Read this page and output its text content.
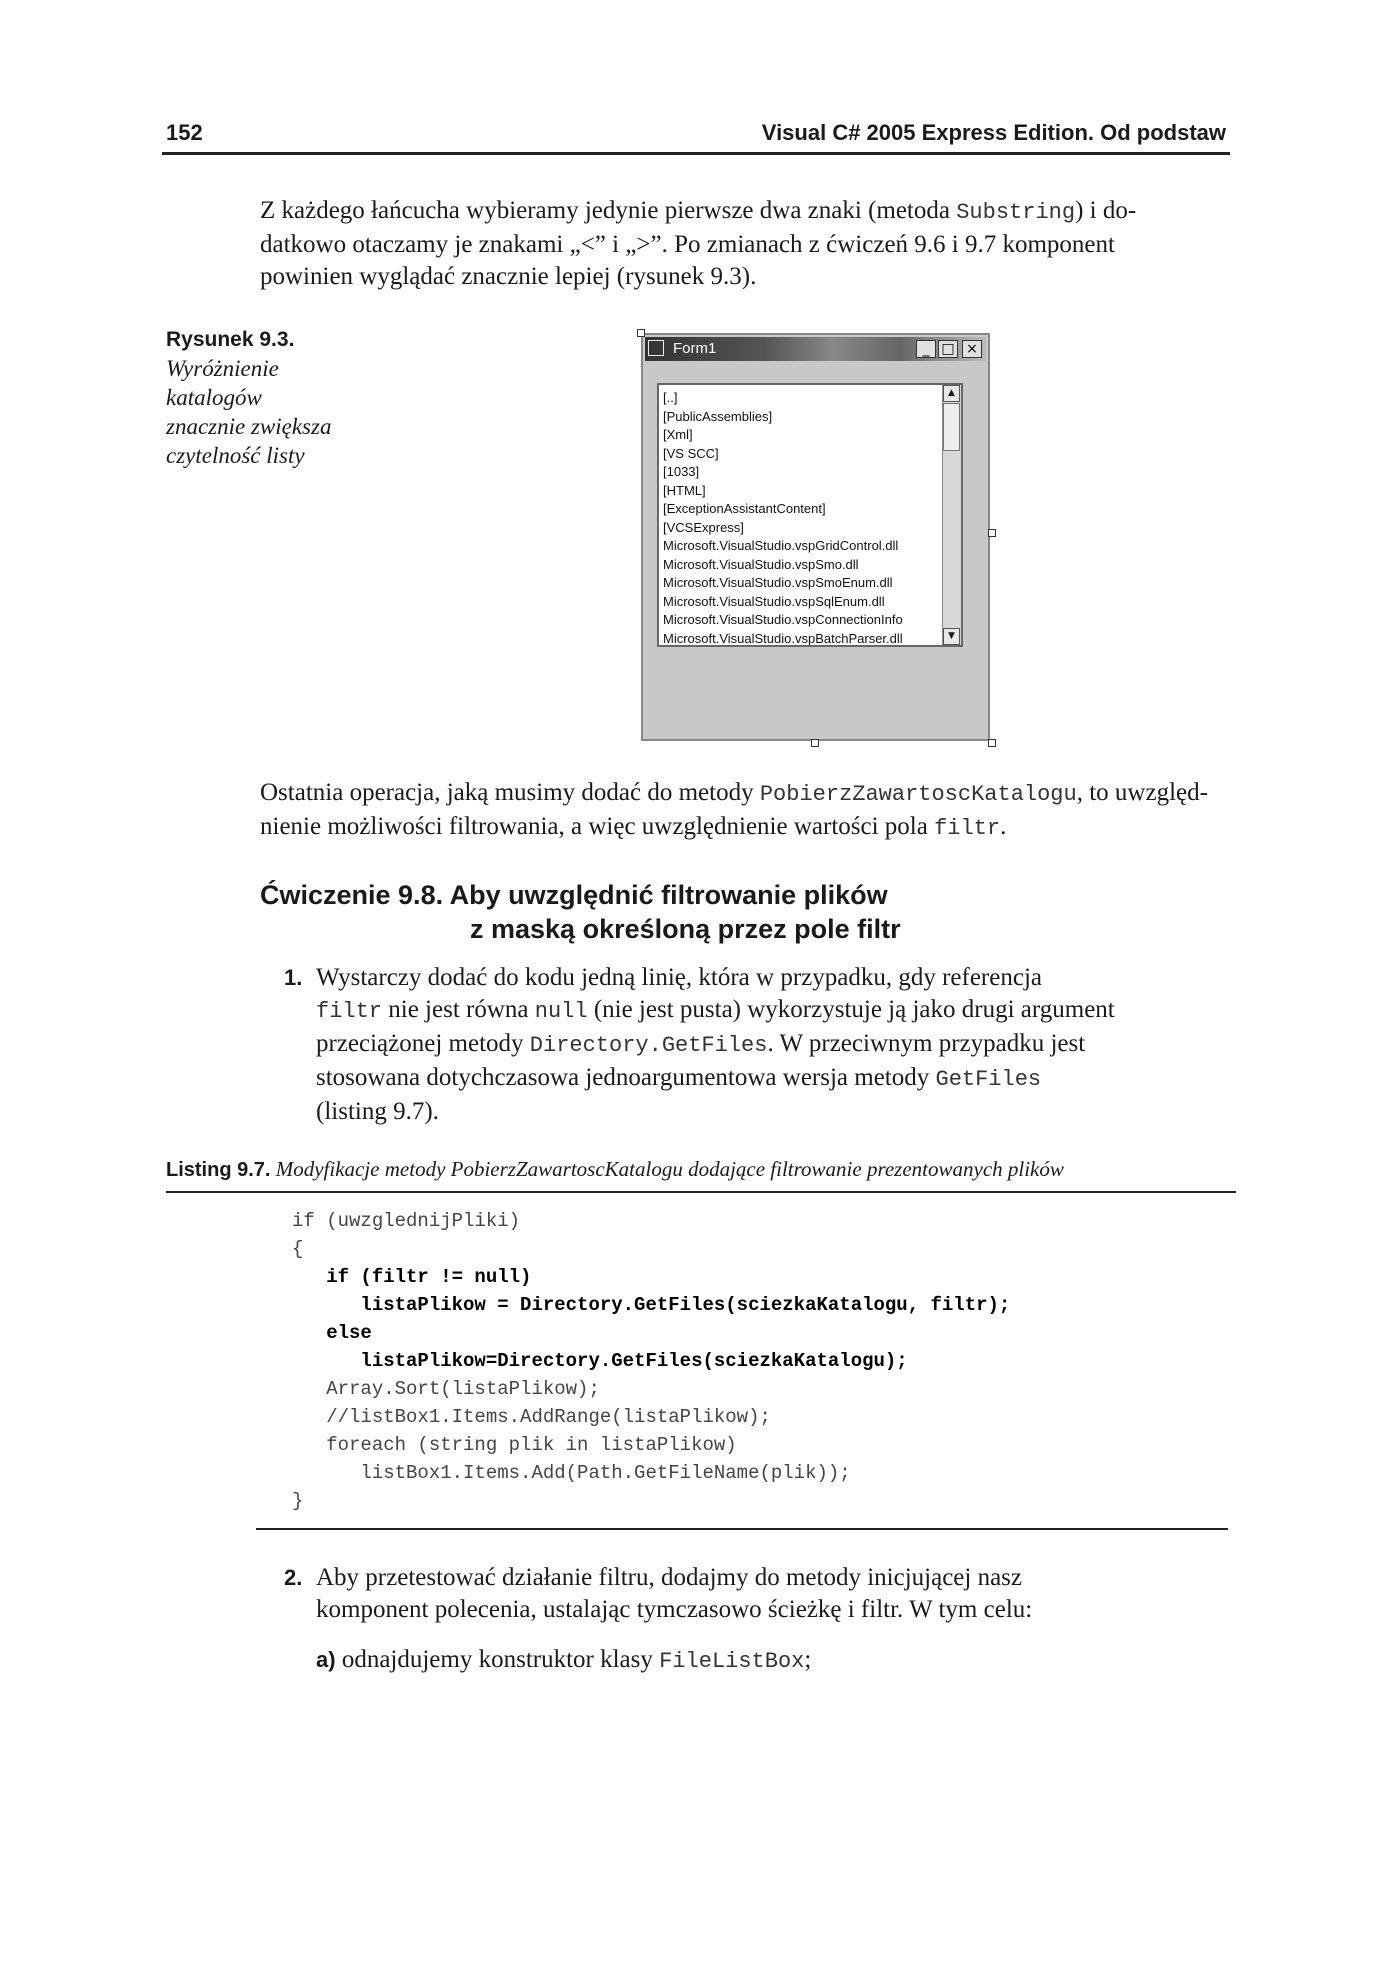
152	Visual C# 2005 Express Edition. Od podstaw

Z każdego łańcucha wybieramy jedynie pierwsze dwa znaki (metoda Substring) i do-

datkowo otaczamy je znakami „<” i „>”. Po zmianach z ćwiczeń 9.6 i 9.7 komponent

powinien wyglądać znacznie lepiej (rysunek 9.3).

Rysunek 9.3.
Wyróżnienie
katalogów
znacznie zwiększa
czytelność listy
Form1	_ □ ×
[..]
[PublicAssemblies]
[Xml]
[VS SCC]
[1033]
[HTML]
[ExceptionAssistantContent]
[VCSExpress]
Microsoft.VisualStudio.vspGridControl.dll
Microsoft.VisualStudio.vspSmo.dll
Microsoft.VisualStudio.vspSmoEnum.dll
Microsoft.VisualStudio.vspSqlEnum.dll
Microsoft.VisualStudio.vspConnectionInfo
Microsoft.VisualStudio.vspBatchParser.dll
▲
▼

Ostatnia operacja, jaką musimy dodać do metody PobierzZawartoscKatalogu, to uwzględ-

nienie możliwości filtrowania, a więc uwzględnienie wartości pola filtr.

Ćwiczenie 9.8. Aby uwzględnić filtrowanie plików
z maską określoną przez pole filtr
1. Wystarczy dodać do kodu jedną linię, która w przypadku, gdy referencja
filtr nie jest równa null (nie jest pusta) wykorzystuje ją jako drugi argument
przeciążonej metody Directory.GetFiles. W przeciwnym przypadku jest
stosowana dotychczasowa jednoargumentowa wersja metody GetFiles
(listing 9.7).
Listing 9.7. Modyfikacje metody PobierzZawartoscKatalogu dodające filtrowanie prezentowanych plików
if (uwzglednijPliki)
{
if (filtr != null)
listaPlikow = Directory.GetFiles(sciezkaKatalogu, filtr);
else
listaPlikow=Directory.GetFiles(sciezkaKatalogu);
Array.Sort(listaPlikow);
//listBox1.Items.AddRange(listaPlikow);
foreach (string plik in listaPlikow)
listBox1.Items.Add(Path.GetFileName(plik));
}
2. Aby przetestować działanie filtru, dodajmy do metody inicjującej nasz
komponent polecenia, ustalając tymczasowo ścieżkę i filtr. W tym celu:
a) odnajdujemy konstruktor klasy FileListBox;
